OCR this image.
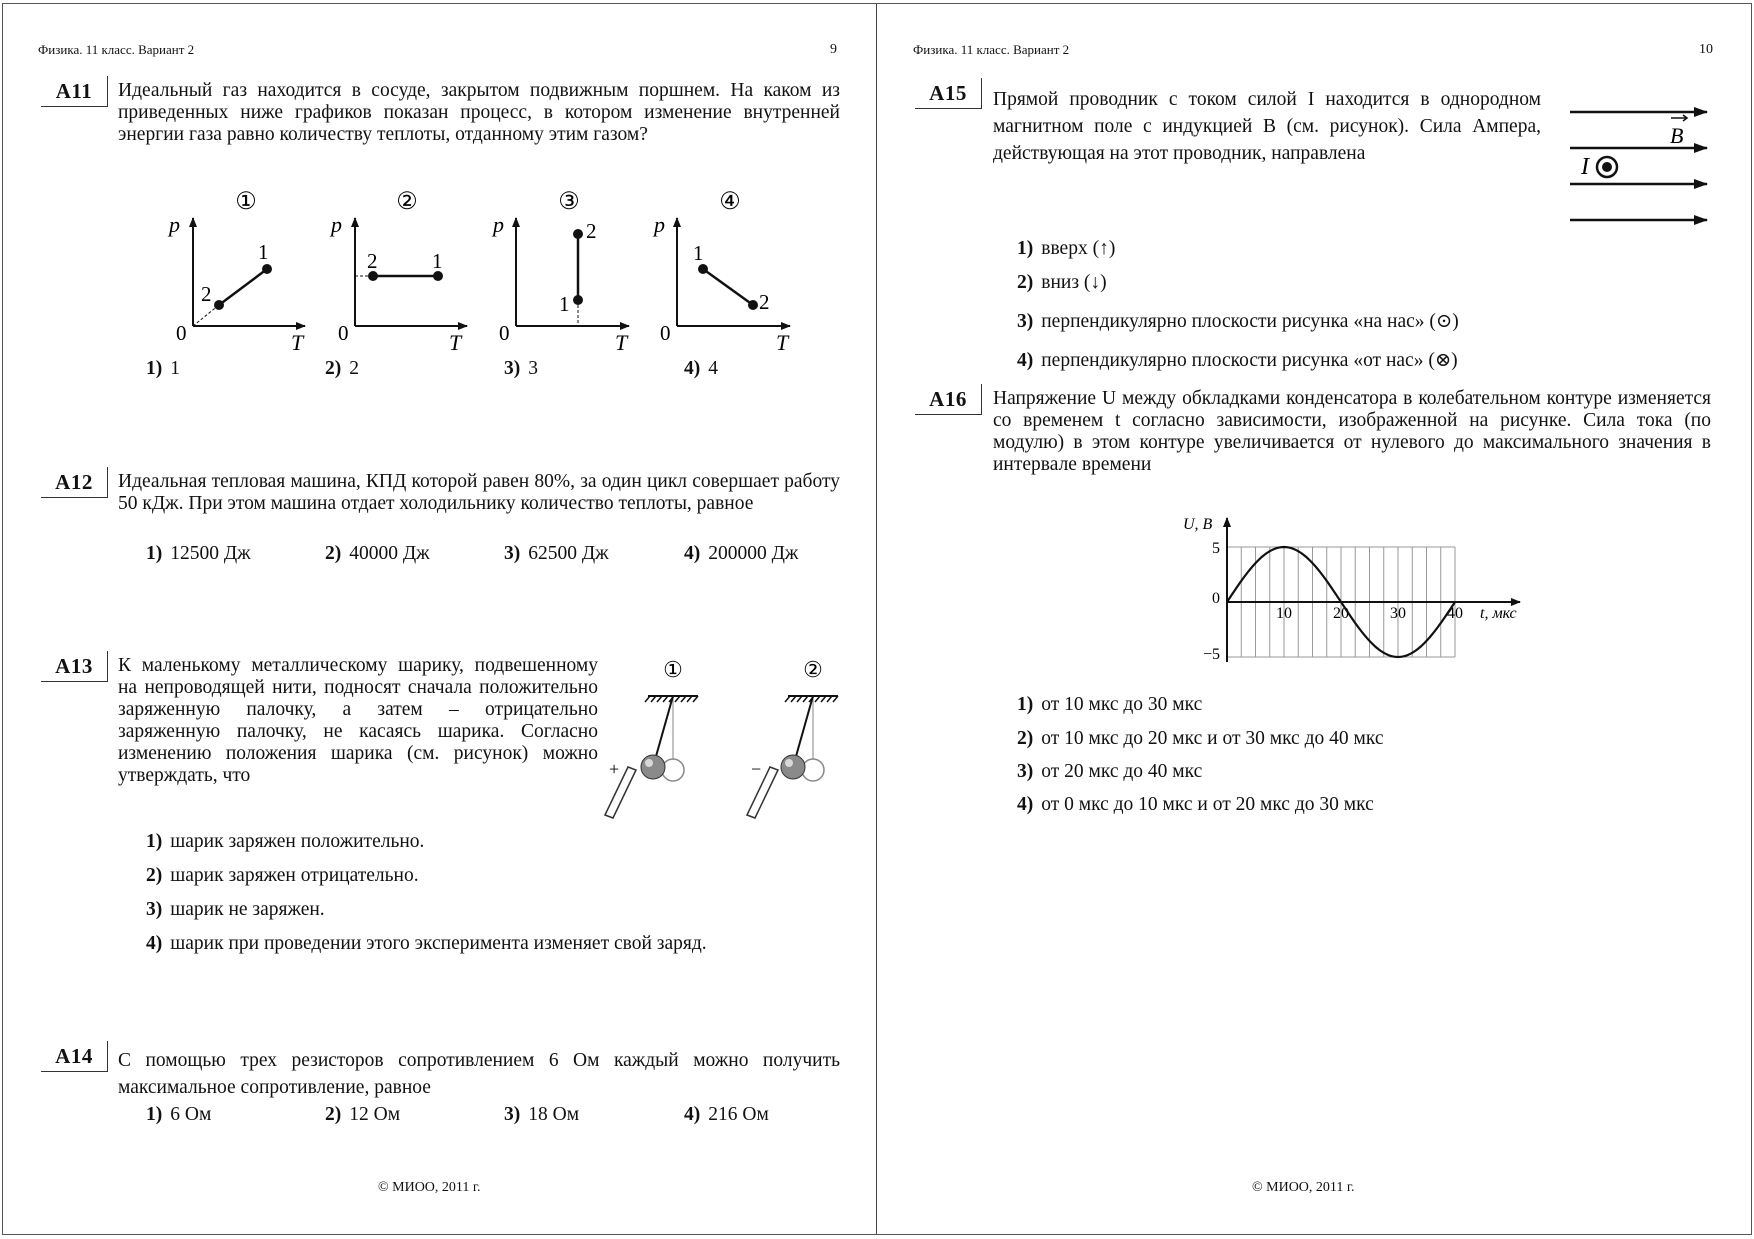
Физика. 11 класс. Вариант 2	9
A11	Идеальный газ находится в сосуде, закрытом подвижным поршнем. На каком из приведенных ниже графиков показан процесс, в котором изменение внутренней энергии газа равно количеству теплоты, отданному этим газом?
①	②	③	④
p
T
0
1
2
p
T
0
2	1
p
T
0
2
1
p
T
0
1
2
1) 1	2) 2	3) 3	4) 4
A12	Идеальная тепловая машина, КПД которой равен 80%, за один цикл совершает работу 50 кДж. При этом машина отдает холодильнику количество теплоты, равное
1) 12500 Дж	2) 40000 Дж	3) 62500 Дж	4) 200000 Дж
A13	К маленькому металлическому шарику, подвешенному на непроводящей нити, подносят сначала положительно заряженную палочку, а затем – отрицательно заряженную палочку, не касаясь шарика. Согласно изменению положения шарика (см. рисунок) можно утверждать, что
①	②
+	−
1) шарик заряжен положительно.
2) шарик заряжен отрицательно.
3) шарик не заряжен.
4) шарик при проведении этого эксперимента изменяет свой заряд.
A14	С помощью трех резисторов сопротивлением 6 Ом каждый можно получить максимальное сопротивление, равное
1) 6 Ом	2) 12 Ом	3) 18 Ом	4) 216 Ом
© МИОО, 2011 г.
Физика. 11 класс. Вариант 2	10
A15	Прямой проводник с током силой I находится в однородном магнитном поле с индукцией B (см. рисунок). Сила Ампера, действующая на этот проводник, направлена
B
I
1) вверх (↑)
2) вниз (↓)
3) перпендикулярно плоскости рисунка «на нас» (⊙)
4) перпендикулярно плоскости рисунка «от нас» (⊗)
A16	Напряжение U между обкладками конденсатора в колебательном контуре изменяется со временем t согласно зависимости, изображенной на рисунке. Сила тока (по модулю) в этом контуре увеличивается от нулевого до максимального значения в интервале времени
U, В
t, мкс
10	20	30	40
5
0
−5
1) от 10 мкс до 30 мкс
2) от 10 мкс до 20 мкс и от 30 мкс до 40 мкс
3) от 20 мкс до 40 мкс
4) от 0 мкс до 10 мкс и от 20 мкс до 30 мкс
© МИОО, 2011 г.
